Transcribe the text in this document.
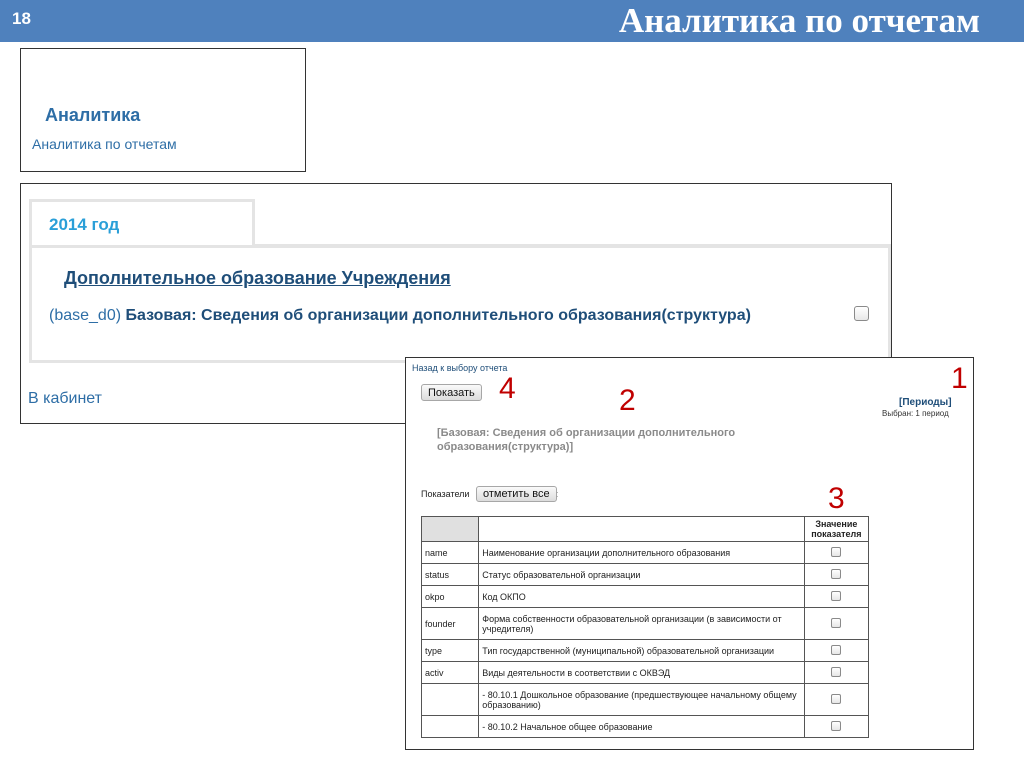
18	Аналитика по отчетам
Аналитика
Аналитика по отчетам
2014 год
Дополнительное образование Учреждения
(base_d0) Базовая: Сведения об организации дополнительного образования(структура)
В кабинет
Назад к выбору отчета
Показать
[Периоды]
Выбран: 1 период
[Базовая: Сведения об организации дополнительного образования(структура)]
Показатели	отметить все :
		Значение
показателя
name	Наименование организации дополнительного образования	
status	Статус образовательной организации	
okpo	Код ОКПО	
founder	Форма собственности образовательной организации (в зависимости от учредителя)	
type	Тип государственной (муниципальной) образовательной организации	
activ	Виды деятельности в соответствии с ОКВЭД	
	- 80.10.1 Дошкольное образование (предшествующее начальному общему образованию)	
	- 80.10.2 Начальное общее образование	
1
2
3
4
